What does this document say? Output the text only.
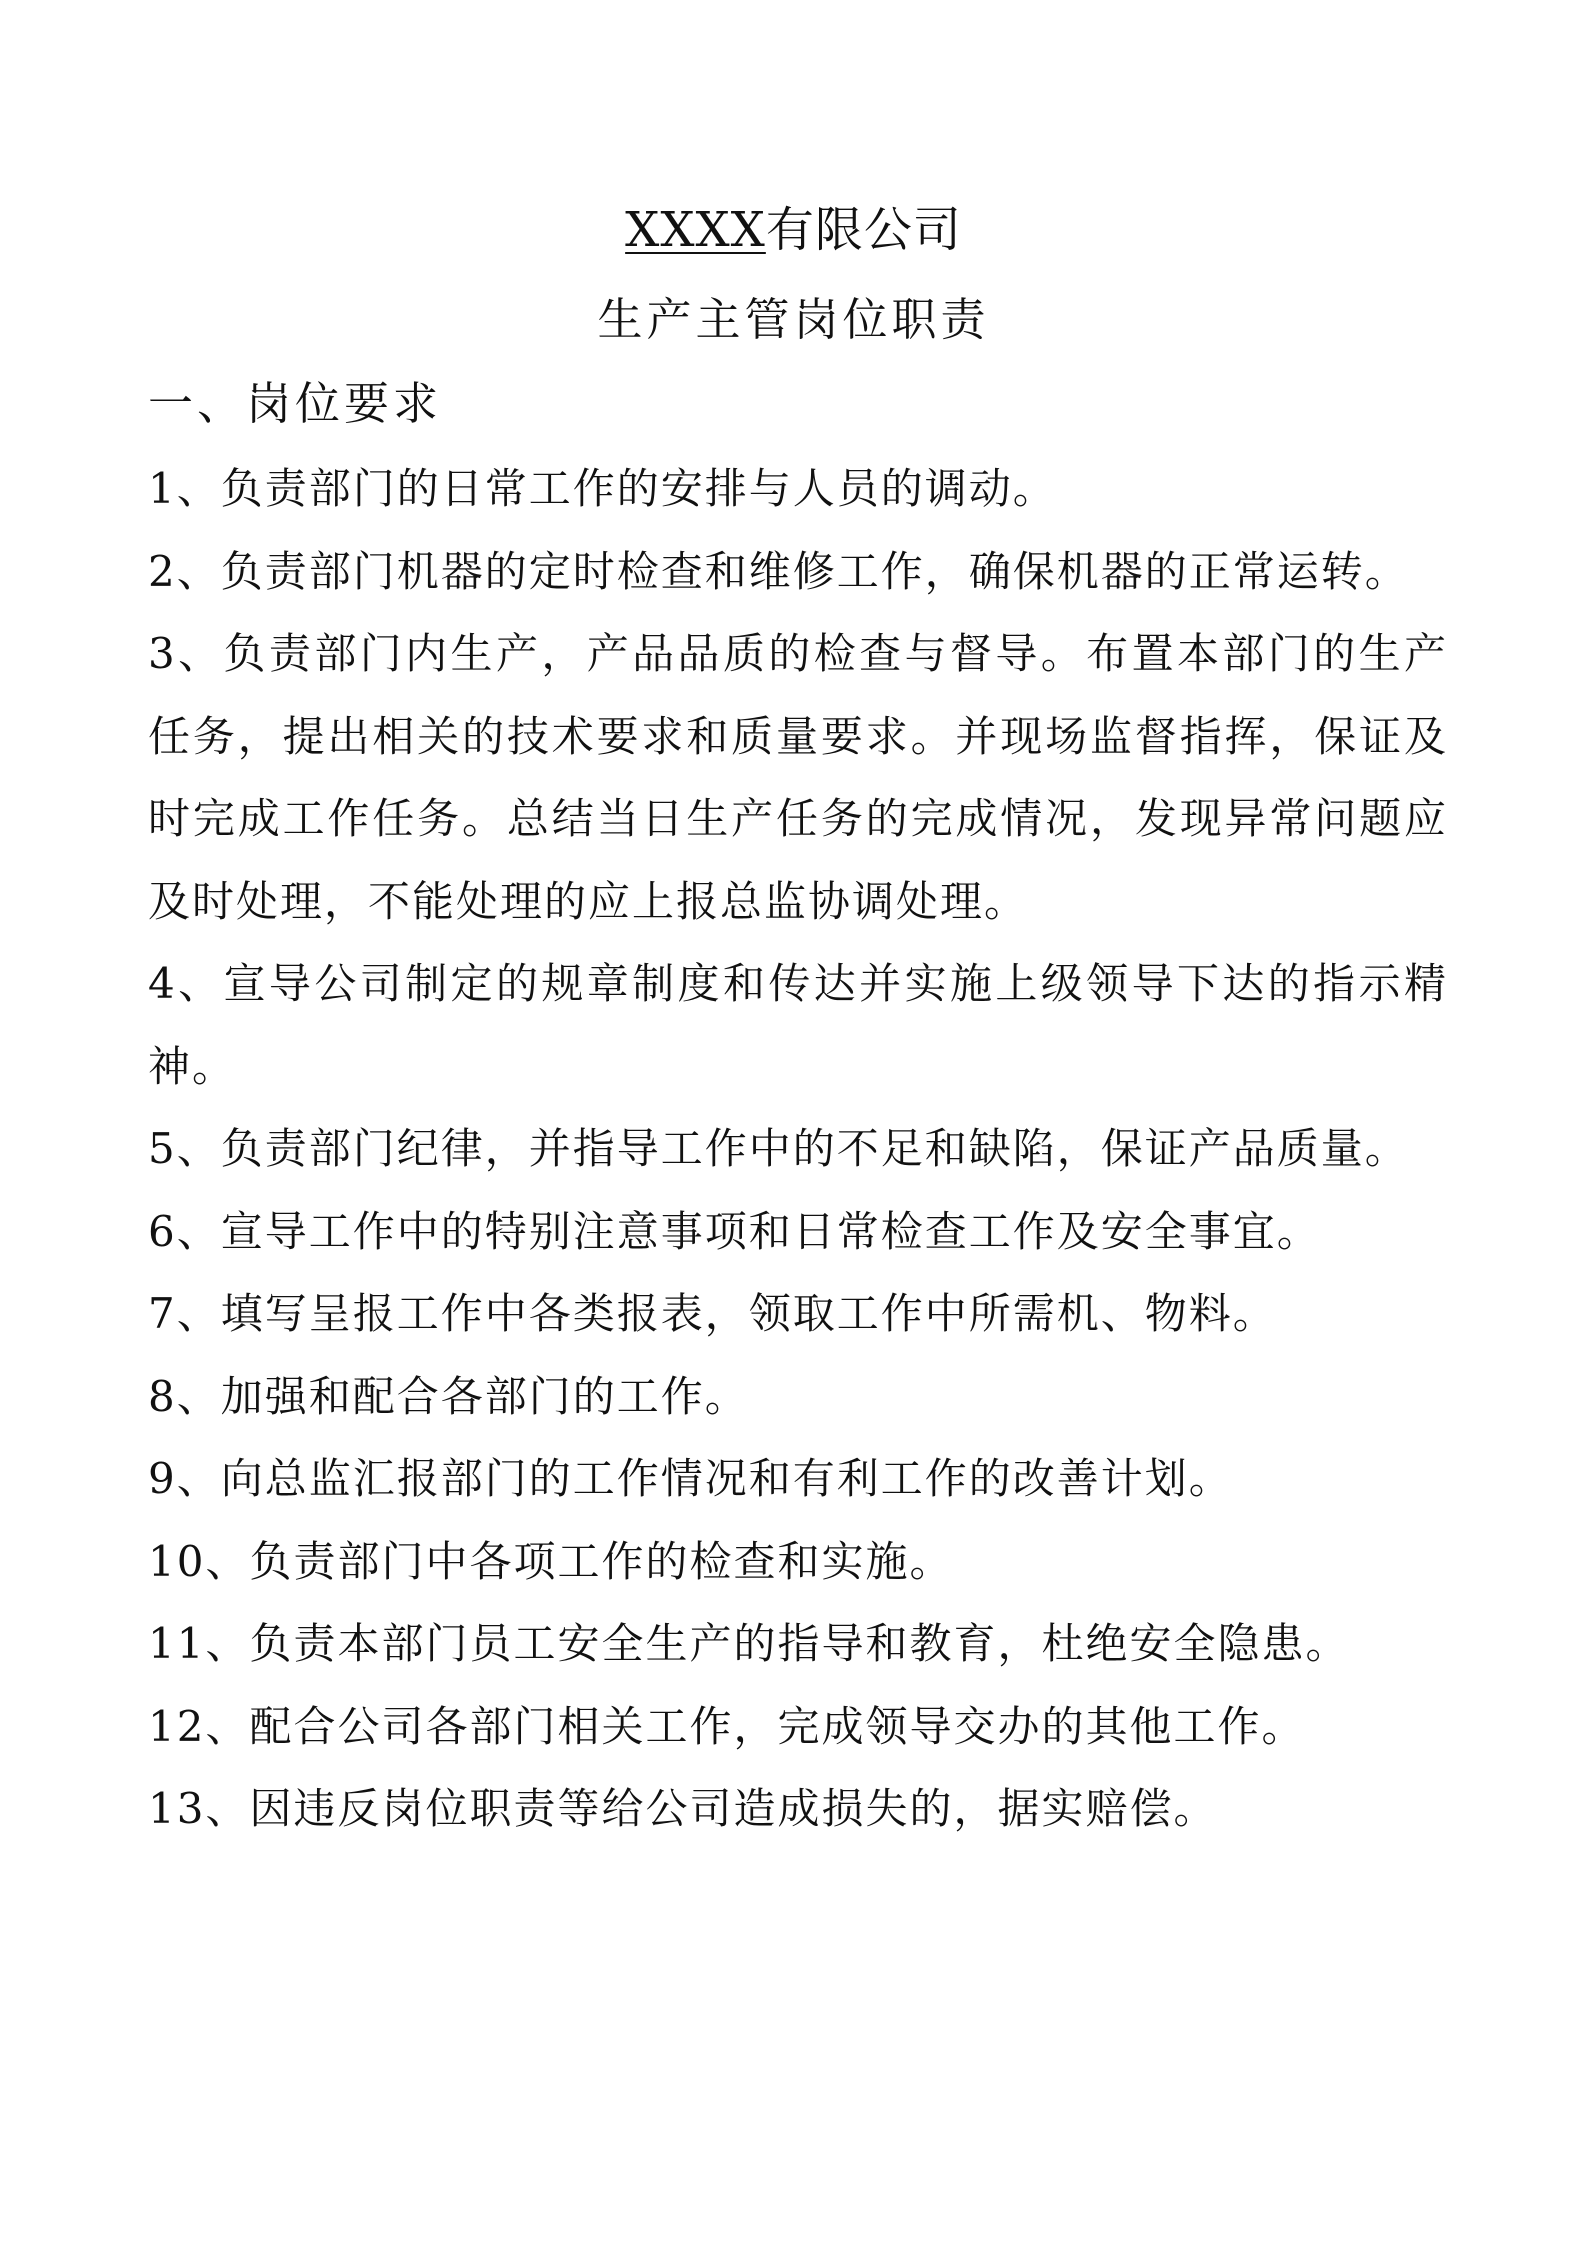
XXXX有限公司
生产主管岗位职责
一、岗位要求

1、负责部门的日常工作的安排与人员的调动。

2、负责部门机器的定时检查和维修工作，确保机器的正常运转。

3、负责部门内生产，产品品质的检查与督导。布置本部门的生产任务，提出相关的技术要求和质量要求。并现场监督指挥，保证及时完成工作任务。总结当日生产任务的完成情况，发现异常问题应及时处理，不能处理的应上报总监协调处理。

4、宣导公司制定的规章制度和传达并实施上级领导下达的指示精神。

5、负责部门纪律，并指导工作中的不足和缺陷，保证产品质量。

6、宣导工作中的特别注意事项和日常检查工作及安全事宜。

7、填写呈报工作中各类报表，领取工作中所需机、物料。

8、加强和配合各部门的工作。

9、向总监汇报部门的工作情况和有利工作的改善计划。

10、负责部门中各项工作的检查和实施。

11、负责本部门员工安全生产的指导和教育，杜绝安全隐患。

12、配合公司各部门相关工作，完成领导交办的其他工作。

13、因违反岗位职责等给公司造成损失的，据实赔偿。
